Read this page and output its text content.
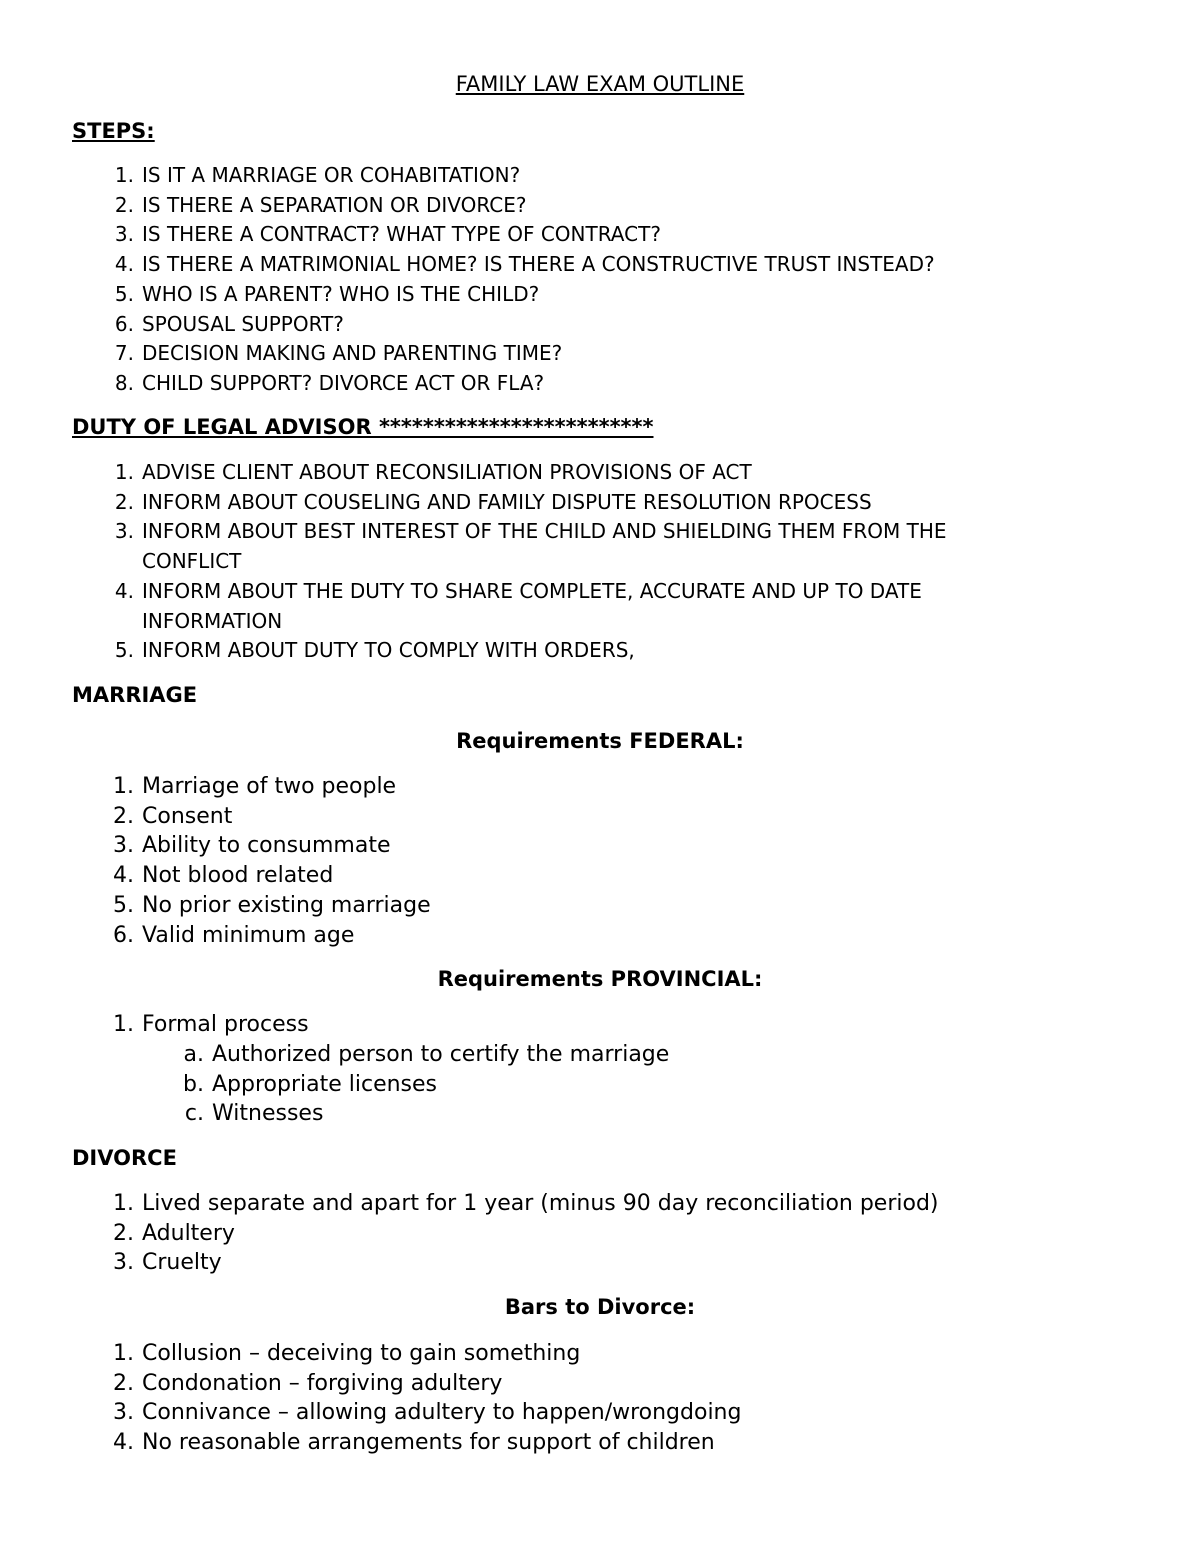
FAMILY LAW EXAM OUTLINE
STEPS:
1. IS IT A MARRIAGE OR COHABITATION?
2. IS THERE A SEPARATION OR DIVORCE?
3. IS THERE A CONTRACT? WHAT TYPE OF CONTRACT?
4. IS THERE A MATRIMONIAL HOME? IS THERE A CONSTRUCTIVE TRUST INSTEAD?
5. WHO IS A PARENT? WHO IS THE CHILD?
6. SPOUSAL SUPPORT?
7. DECISION MAKING AND PARENTING TIME?
8. CHILD SUPPORT? DIVORCE ACT OR FLA?
DUTY OF LEGAL ADVISOR *************************
1. ADVISE CLIENT ABOUT RECONSILIATION PROVISIONS OF ACT
2. INFORM ABOUT COUSELING AND FAMILY DISPUTE RESOLUTION RPOCESS
3. INFORM ABOUT BEST INTEREST OF THE CHILD AND SHIELDING THEM FROM THE
CONFLICT
4. INFORM ABOUT THE DUTY TO SHARE COMPLETE, ACCURATE AND UP TO DATE
INFORMATION
5. INFORM ABOUT DUTY TO COMPLY WITH ORDERS,
MARRIAGE
Requirements FEDERAL:
1. Marriage of two people
2. Consent
3. Ability to consummate
4. Not blood related
5. No prior existing marriage
6. Valid minimum age
Requirements PROVINCIAL:
1. Formal process
a. Authorized person to certify the marriage
b. Appropriate licenses
c. Witnesses
DIVORCE
1. Lived separate and apart for 1 year (minus 90 day reconciliation period)
2. Adultery
3. Cruelty
Bars to Divorce:
1. Collusion – deceiving to gain something
2. Condonation – forgiving adultery
3. Connivance – allowing adultery to happen/wrongdoing
4. No reasonable arrangements for support of children
